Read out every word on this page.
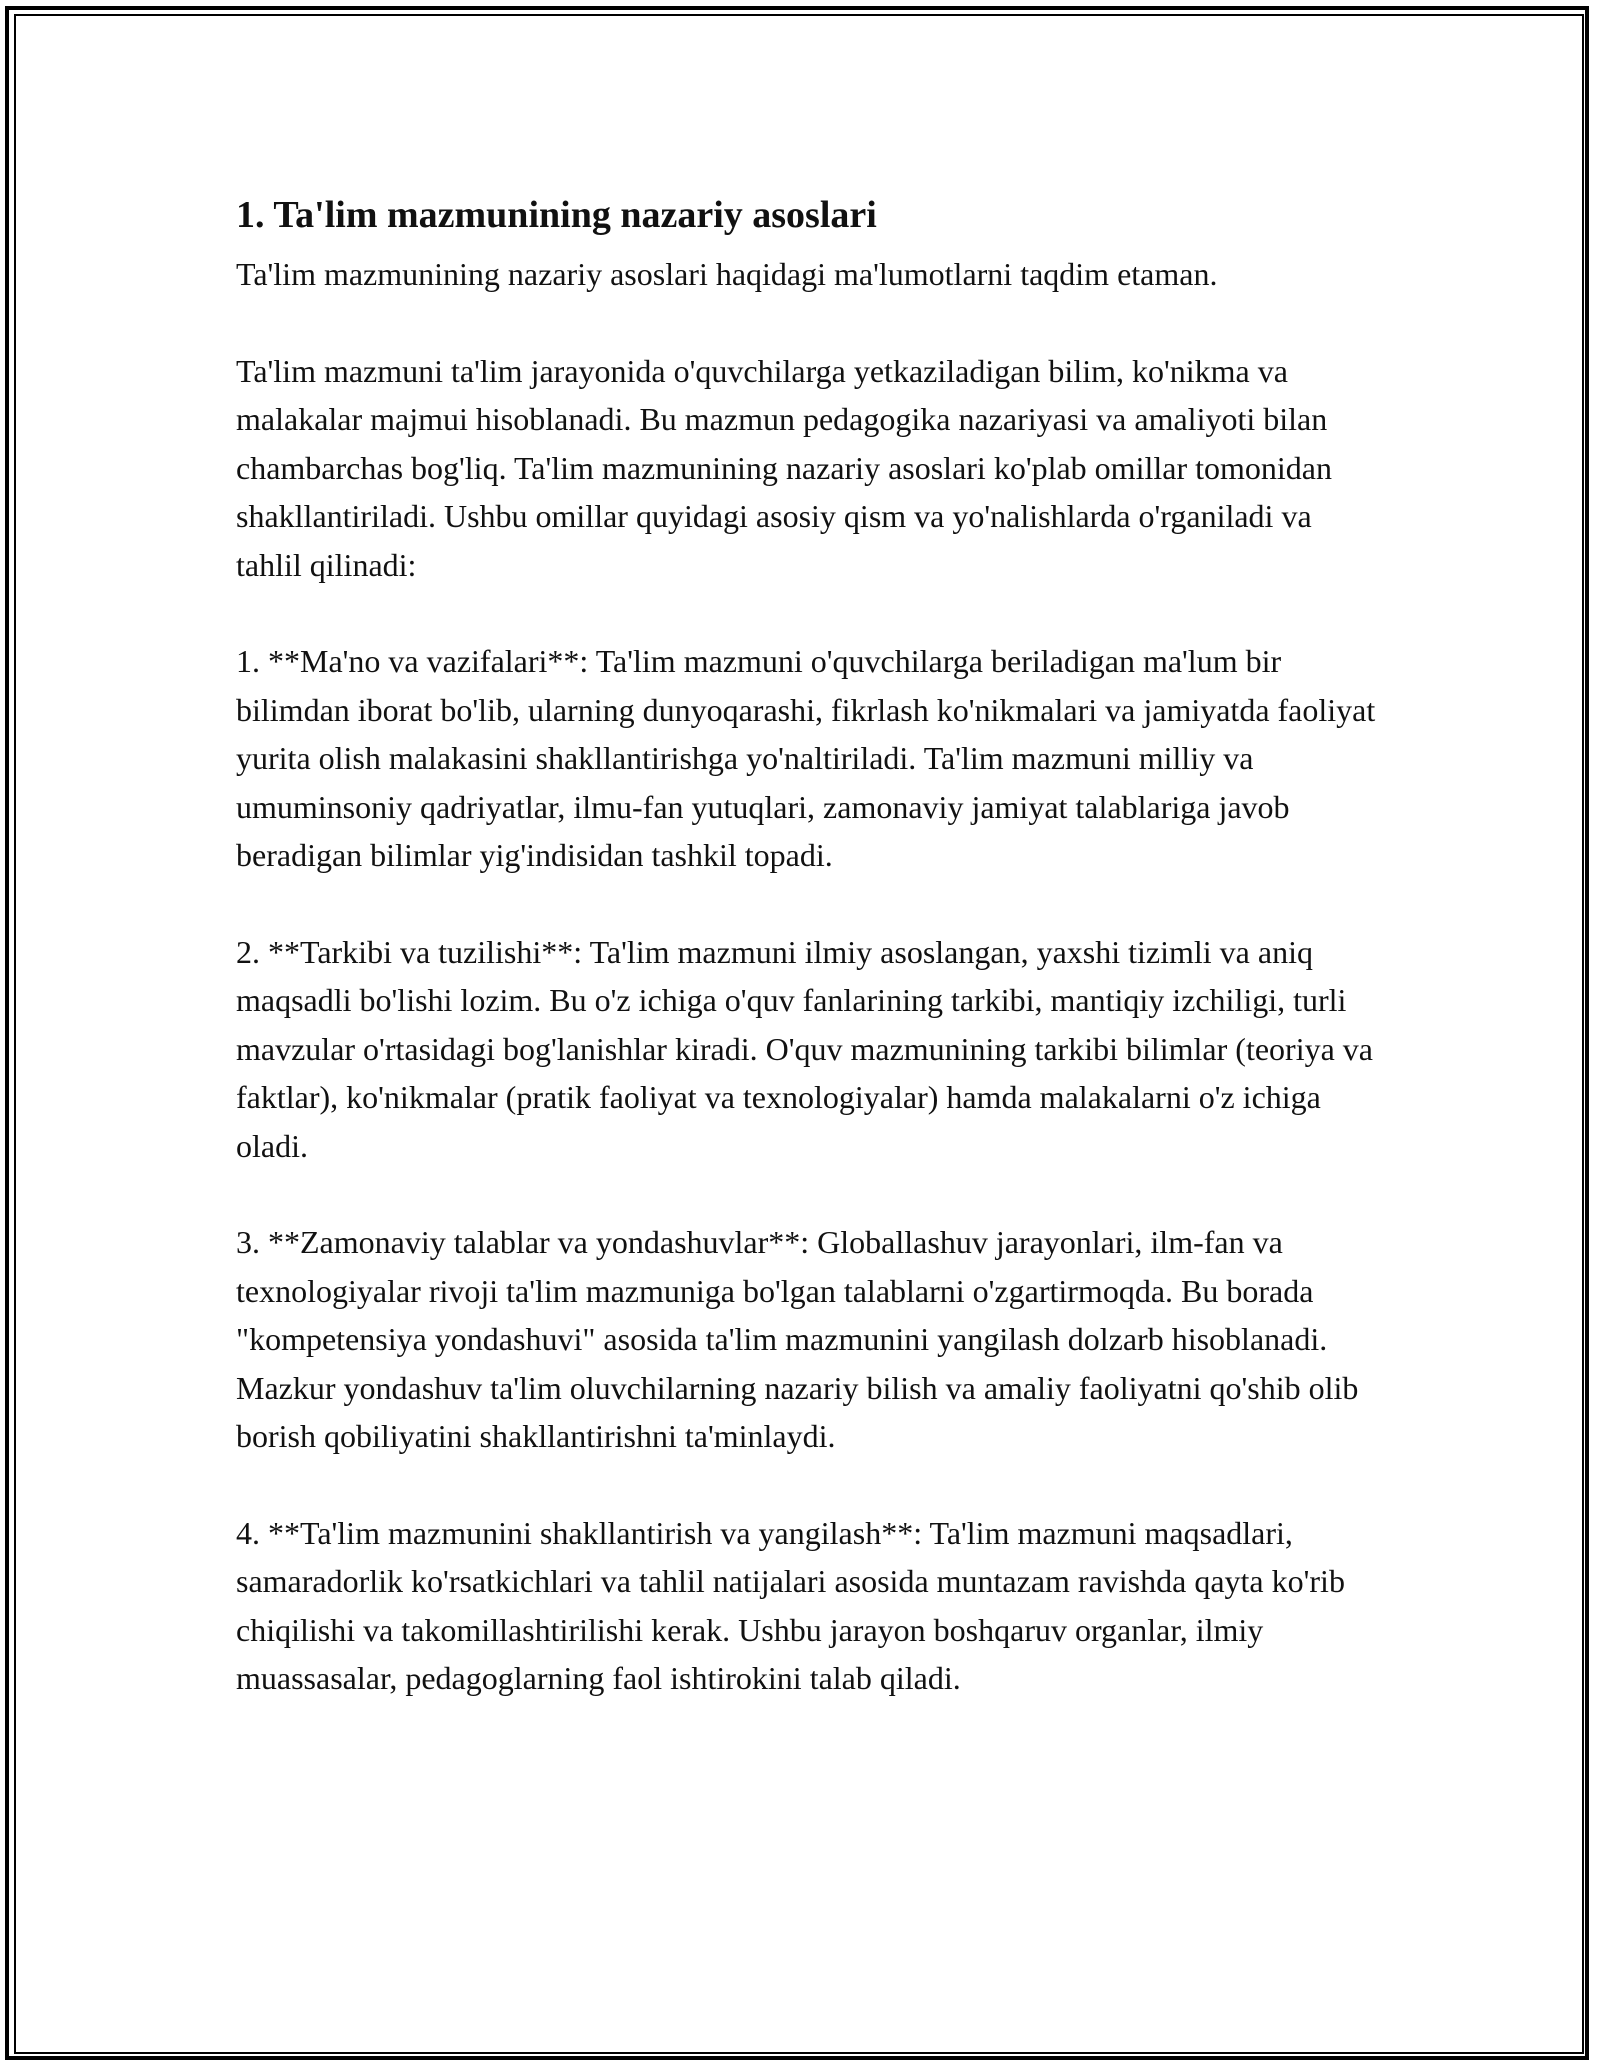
1. Ta'lim mazmunining nazariy asoslari

Ta'lim mazmunining nazariy asoslari haqidagi ma'lumotlarni taqdim etaman.

Ta'lim mazmuni ta'lim jarayonida o'quvchilarga yetkaziladigan bilim, ko'nikma va malakalar majmui hisoblanadi. Bu mazmun pedagogika nazariyasi va amaliyoti bilan chambarchas bog'liq. Ta'lim mazmunining nazariy asoslari ko'plab omillar tomonidan shakllantiriladi. Ushbu omillar quyidagi asosiy qism va yo'nalishlarda o'rganiladi va tahlil qilinadi:

1. **Ma'no va vazifalari**: Ta'lim mazmuni o'quvchilarga beriladigan ma'lum bir bilimdan iborat bo'lib, ularning dunyoqarashi, fikrlash ko'nikmalari va jamiyatda faoliyat yurita olish malakasini shakllantirishga yo'naltiriladi. Ta'lim mazmuni milliy va umuminsoniy qadriyatlar, ilmu-fan yutuqlari, zamonaviy jamiyat talablariga javob beradigan bilimlar yig'indisidan tashkil topadi.

2. **Tarkibi va tuzilishi**: Ta'lim mazmuni ilmiy asoslangan, yaxshi tizimli va aniq maqsadli bo'lishi lozim. Bu o'z ichiga o'quv fanlarining tarkibi, mantiqiy izchiligi, turli mavzular o'rtasidagi bog'lanishlar kiradi. O'quv mazmunining tarkibi bilimlar (teoriya va faktlar), ko'nikmalar (pratik faoliyat va texnologiyalar) hamda malakalarni o'z ichiga oladi.

3. **Zamonaviy talablar va yondashuvlar**: Globallashuv jarayonlari, ilm-fan va texnologiyalar rivoji ta'lim mazmuniga bo'lgan talablarni o'zgartirmoqda. Bu borada "kompetensiya yondashuvi" asosida ta'lim mazmunini yangilash dolzarb hisoblanadi. Mazkur yondashuv ta'lim oluvchilarning nazariy bilish va amaliy faoliyatni qo'shib olib borish qobiliyatini shakllantirishni ta'minlaydi.

4. **Ta'lim mazmunini shakllantirish va yangilash**: Ta'lim mazmuni maqsadlari, samaradorlik ko'rsatkichlari va tahlil natijalari asosida muntazam ravishda qayta ko'rib chiqilishi va takomillashtirilishi kerak. Ushbu jarayon boshqaruv organlar, ilmiy muassasalar, pedagoglarning faol ishtirokini talab qiladi.
